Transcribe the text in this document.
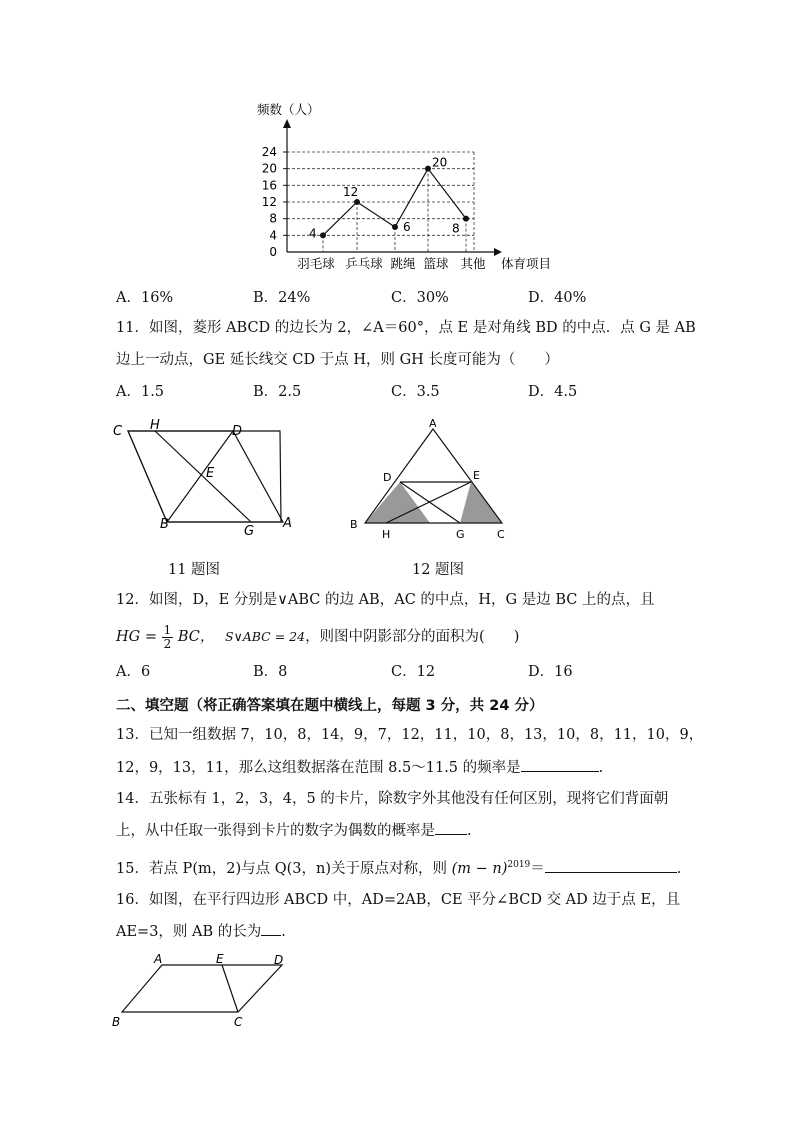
0
4
8
12
16
20
24
4
12
6
20
8
羽毛球 乒乓球 跳绳 篮球 其他 体育项目
频数（人）
A．16%	B．24%	C．30%	D．40%
11．如图，菱形 ABCD 的边长为 2，∠A＝60°，点 E 是对角线 BD 的中点．点 G 是 AB
边上一动点，GE 延长线交 CD 于点 H，则 GH 长度可能为（　　）
A．1.5	B．2.5	C．3.5	D．4.5
C H	D
E
B	G
A
11 题图
A
D	E
B
H	G	C
12 题图
12．如图，D，E 分别是∨ABC 的边 AB，AC 的中点，H，G 是边 BC 上的点，且
HG = $\frac{1}{2}$ BC， S∨ABC = 24，则图中阴影部分的面积为(　　)
A．6	B．8	C．12	D．16
二、填空题（将正确答案填在题中横线上，每题 3 分，共 24 分）
13．已知一组数据 7，10，8，14，9，7，12，11，10，8，13，10，8，11，10，9，
12，9，13，11，那么这组数据落在范围 8.5～11.5 的频率是	.
14．五张标有 1，2，3，4，5 的卡片，除数字外其他没有任何区别，现将它们背面朝
上，从中任取一张得到卡片的数字为偶数的概率是 .
15．若点 P(m，2)与点 Q(3，n)关于原点对称，则 $(m - n)^{2019}=$	.
16．如图，在平行四边形 ABCD 中，AD=2AB，CE 平分∠BCD 交 AD 边于点 E，且
AE=3，则 AB 的长为 .
A	E	D
B	C
